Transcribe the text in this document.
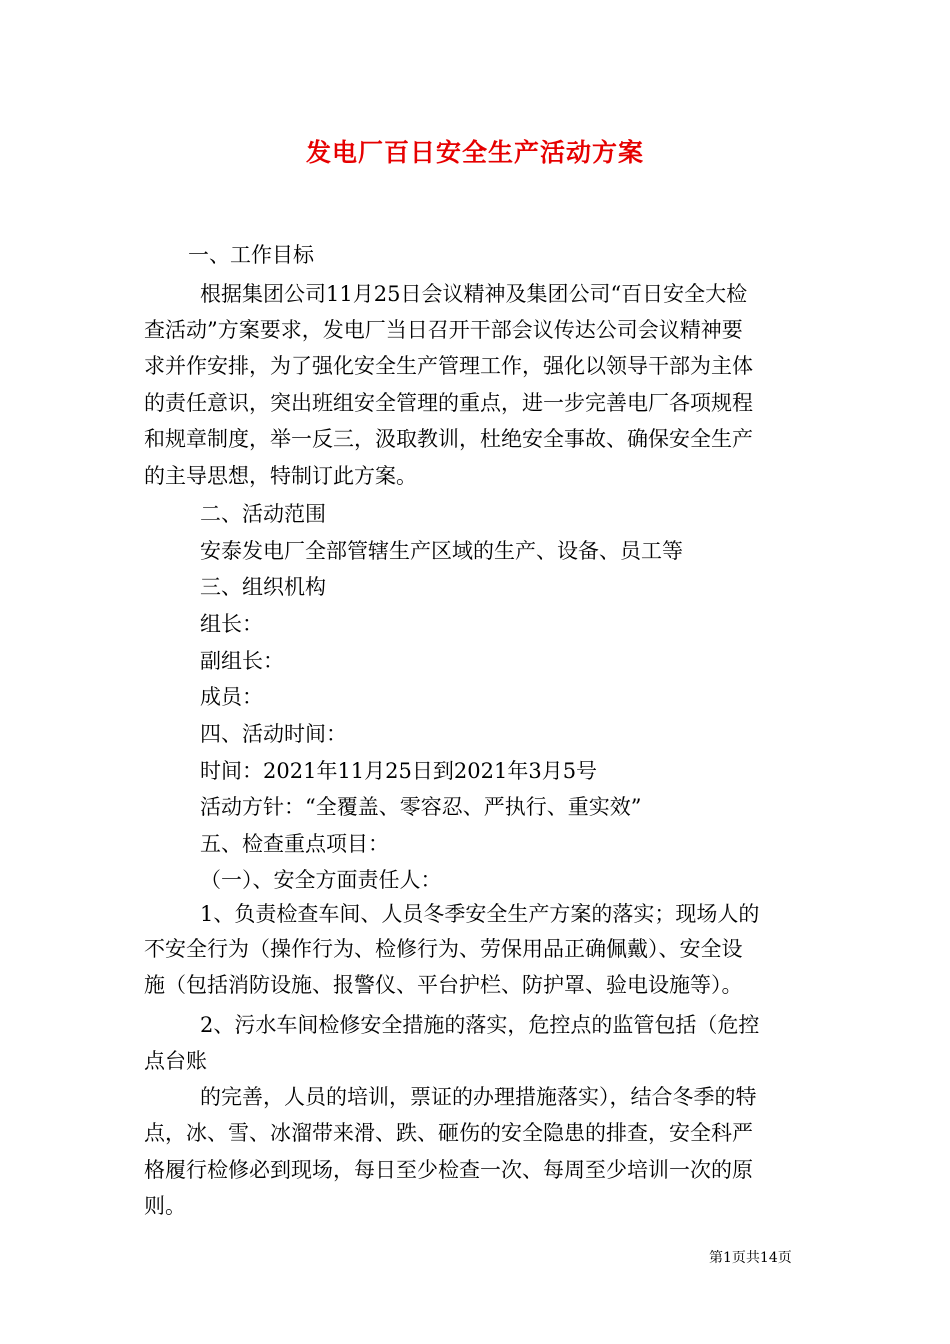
发电厂百日安全生产活动方案
一、工作目标
根据集团公司11月25日会议精神及集团公司“百日安全大检
查活动”方案要求，发电厂当日召开干部会议传达公司会议精神要
求并作安排，为了强化安全生产管理工作，强化以领导干部为主体
的责任意识，突出班组安全管理的重点，进一步完善电厂各项规程
和规章制度，举一反三，汲取教训，杜绝安全事故、确保安全生产
的主导思想，特制订此方案。
二、活动范围
安泰发电厂全部管辖生产区域的生产、设备、员工等
三、组织机构
组长：
副组长：
成员：
四、活动时间：
时间：2021年11月25日到2021年3月5号
活动方针：“全覆盖、零容忍、严执行、重实效”
五、检查重点项目：
（一）、安全方面责任人：
1、负责检查车间、人员冬季安全生产方案的落实；现场人的
不安全行为（操作行为、检修行为、劳保用品正确佩戴）、安全设
施（包括消防设施、报警仪、平台护栏、防护罩、验电设施等）。
2、污水车间检修安全措施的落实，危控点的监管包括（危控
点台账
的完善，人员的培训，票证的办理措施落实），结合冬季的特
点，冰、雪、冰溜带来滑、跌、砸伤的安全隐患的排查，安全科严
格履行检修必到现场，每日至少检查一次、每周至少培训一次的原
则。
第1页共14页
